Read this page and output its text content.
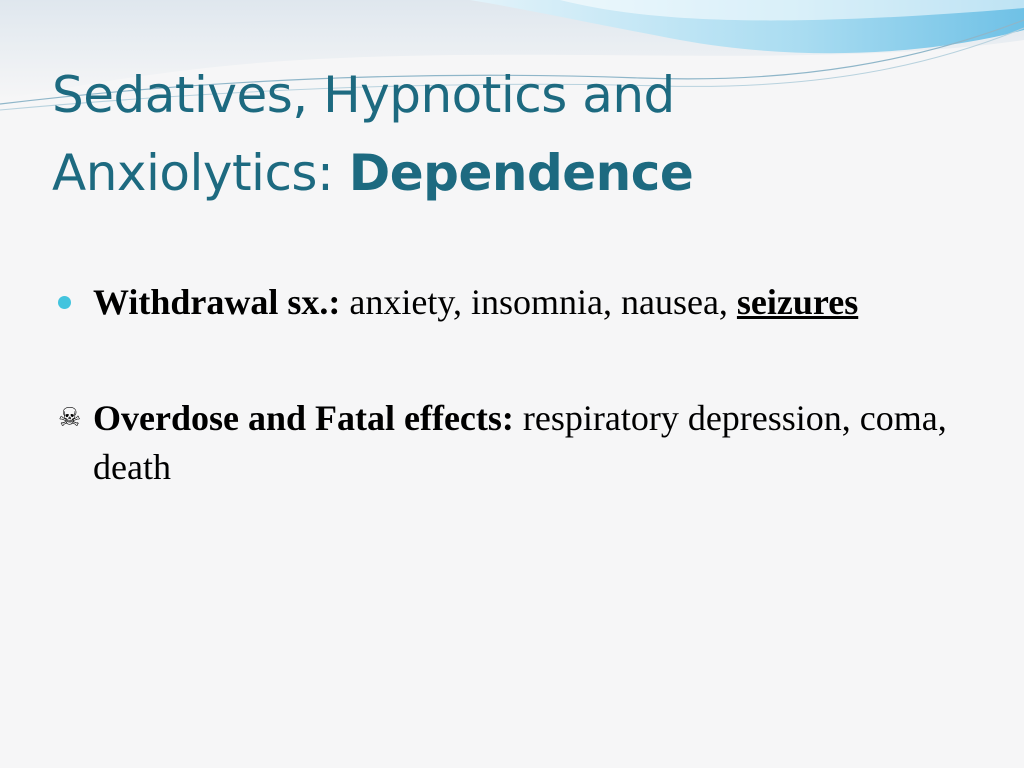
Sedatives, Hypnotics and
Anxiolytics: Dependence

Withdrawal sx.: anxiety, insomnia, nausea, seizures

☠ Overdose and Fatal effects: respiratory depression, coma, death
